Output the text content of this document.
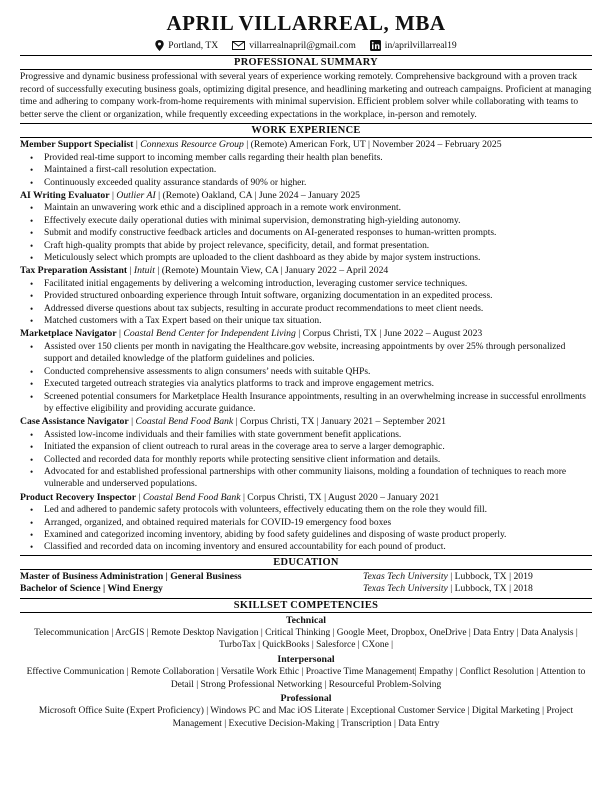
APRIL VILLARREAL, MBA
Portland, TX	villarrealnapril@gmail.com	in/aprilvillarreal19
PROFESSIONAL SUMMARY
Progressive and dynamic business professional with several years of experience working remotely. Comprehensive background with a proven track record of successfully executing business goals, optimizing digital presence, and headlining marketing and outreach campaigns. Proficient at managing time and adhering to company work-from-home requirements with minimal supervision. Efficient problem solver while collaborating with teams to better serve the client or organization, while frequently exceeding expectations in the workplace, in-person and remotely.
WORK EXPERIENCE
Member Support Specialist | Connexus Resource Group | (Remote) American Fork, UT | November 2024 – February 2025
• Provided real-time support to incoming member calls regarding their health plan benefits.
• Maintained a first-call resolution expectation.
• Continuously exceeded quality assurance standards of 90% or higher.
AI Writing Evaluator | Outlier AI | (Remote) Oakland, CA | June 2024 – January 2025
• Maintain an unwavering work ethic and a disciplined approach in a remote work environment.
• Effectively execute daily operational duties with minimal supervision, demonstrating high-yielding autonomy.
• Submit and modify constructive feedback articles and documents on AI-generated responses to human-written prompts.
• Craft high-quality prompts that abide by project relevance, specificity, detail, and format presentation.
• Meticulously select which prompts are uploaded to the client dashboard as they abide by major system instructions.
Tax Preparation Assistant | Intuit | (Remote) Mountain View, CA | January 2022 – April 2024
• Facilitated initial engagements by delivering a welcoming introduction, leveraging customer service techniques.
• Provided structured onboarding experience through Intuit software, organizing documentation in an expedited process.
• Addressed diverse questions about tax subjects, resulting in accurate product recommendations to meet client needs.
• Matched customers with a Tax Expert based on their unique tax situation.
Marketplace Navigator | Coastal Bend Center for Independent Living | Corpus Christi, TX | June 2022 – August 2023
• Assisted over 150 clients per month in navigating the Healthcare.gov website, increasing appointments by over 25% through personalized support and detailed knowledge of the platform guidelines and policies.
• Conducted comprehensive assessments to align consumers’ needs with suitable QHPs.
• Executed targeted outreach strategies via analytics platforms to track and improve engagement metrics.
• Screened potential consumers for Marketplace Health Insurance appointments, resulting in an overwhelming increase in successful enrollments by effective eligibility and providing accurate guidance.
Case Assistance Navigator | Coastal Bend Food Bank | Corpus Christi, TX | January 2021 – September 2021
• Assisted low-income individuals and their families with state government benefit applications.
• Initiated the expansion of client outreach to rural areas in the coverage area to serve a larger demographic.
• Collected and recorded data for monthly reports while protecting sensitive client information and details.
• Advocated for and established professional partnerships with other community liaisons, molding a foundation of techniques to reach more vulnerable and underserved populations.
Product Recovery Inspector | Coastal Bend Food Bank | Corpus Christi, TX | August 2020 – January 2021
• Led and adhered to pandemic safety protocols with volunteers, effectively educating them on the role they would fill.
• Arranged, organized, and obtained required materials for COVID-19 emergency food boxes
• Examined and categorized incoming inventory, abiding by food safety guidelines and disposing of waste product properly.
• Classified and recorded data on incoming inventory and ensured accountability for each pound of product.
EDUCATION
Master of Business Administration | General Business	Texas Tech University | Lubbock, TX | 2019
Bachelor of Science | Wind Energy	Texas Tech University | Lubbock, TX | 2018
SKILLSET COMPETENCIES
Technical
Telecommunication | ArcGIS | Remote Desktop Navigation | Critical Thinking | Google Meet, Dropbox, OneDrive | Data Entry | Data Analysis | TurboTax | QuickBooks | Salesforce | CXone |
Interpersonal
Effective Communication | Remote Collaboration | Versatile Work Ethic | Proactive Time Management| Empathy | Conflict Resolution | Attention to Detail | Strong Professional Networking | Resourceful Problem-Solving
Professional
Microsoft Office Suite (Expert Proficiency) | Windows PC and Mac iOS Literate | Exceptional Customer Service | Digital Marketing | Project Management | Executive Decision-Making | Transcription | Data Entry
